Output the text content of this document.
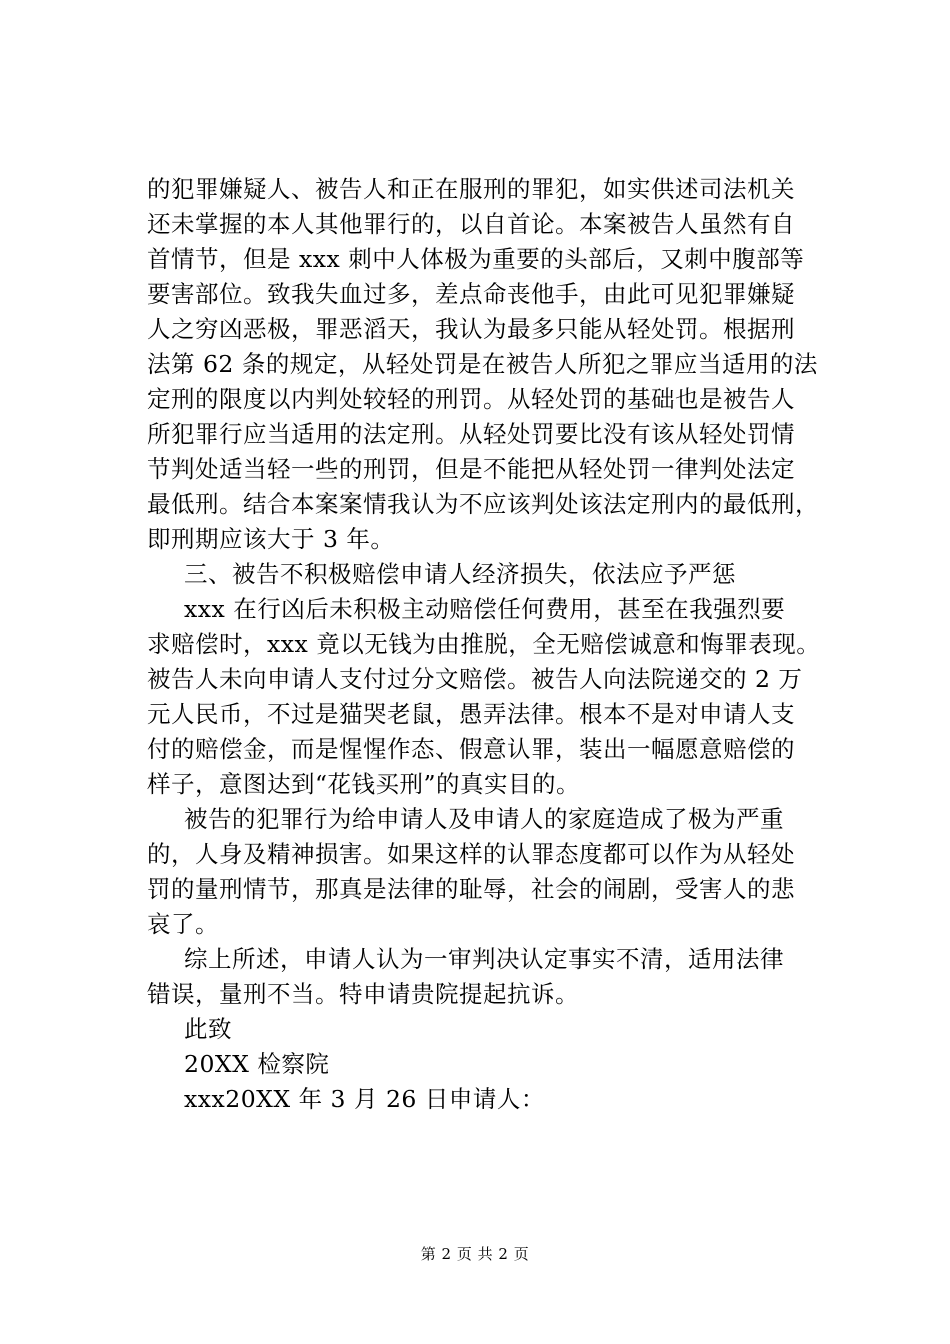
的犯罪嫌疑人、被告人和正在服刑的罪犯，如实供述司法机关
还未掌握的本人其他罪行的，以自首论。本案被告人虽然有自
首情节，但是 xxx 刺中人体极为重要的头部后，又刺中腹部等
要害部位。致我失血过多，差点命丧他手，由此可见犯罪嫌疑
人之穷凶恶极，罪恶滔天，我认为最多只能从轻处罚。根据刑
法第 62 条的规定，从轻处罚是在被告人所犯之罪应当适用的法
定刑的限度以内判处较轻的刑罚。从轻处罚的基础也是被告人
所犯罪行应当适用的法定刑。从轻处罚要比没有该从轻处罚情
节判处适当轻一些的刑罚，但是不能把从轻处罚一律判处法定
最低刑。结合本案案情我认为不应该判处该法定刑内的最低刑，
即刑期应该大于 3 年。
三、被告不积极赔偿申请人经济损失，依法应予严惩
xxx 在行凶后未积极主动赔偿任何费用，甚至在我强烈要
求赔偿时，xxx 竟以无钱为由推脱，全无赔偿诚意和悔罪表现。
被告人未向申请人支付过分文赔偿。被告人向法院递交的 2 万
元人民币，不过是猫哭老鼠，愚弄法律。根本不是对申请人支
付的赔偿金，而是惺惺作态、假意认罪，装出一幅愿意赔偿的
样子，意图达到“花钱买刑”的真实目的。
被告的犯罪行为给申请人及申请人的家庭造成了极为严重
的，人身及精神损害。如果这样的认罪态度都可以作为从轻处
罚的量刑情节，那真是法律的耻辱，社会的闹剧，受害人的悲
哀了。
综上所述，申请人认为一审判决认定事实不清，适用法律
错误，量刑不当。特申请贵院提起抗诉。
此致
20XX 检察院
xxx20XX 年 3 月 26 日申请人：
第 2 页 共 2 页
